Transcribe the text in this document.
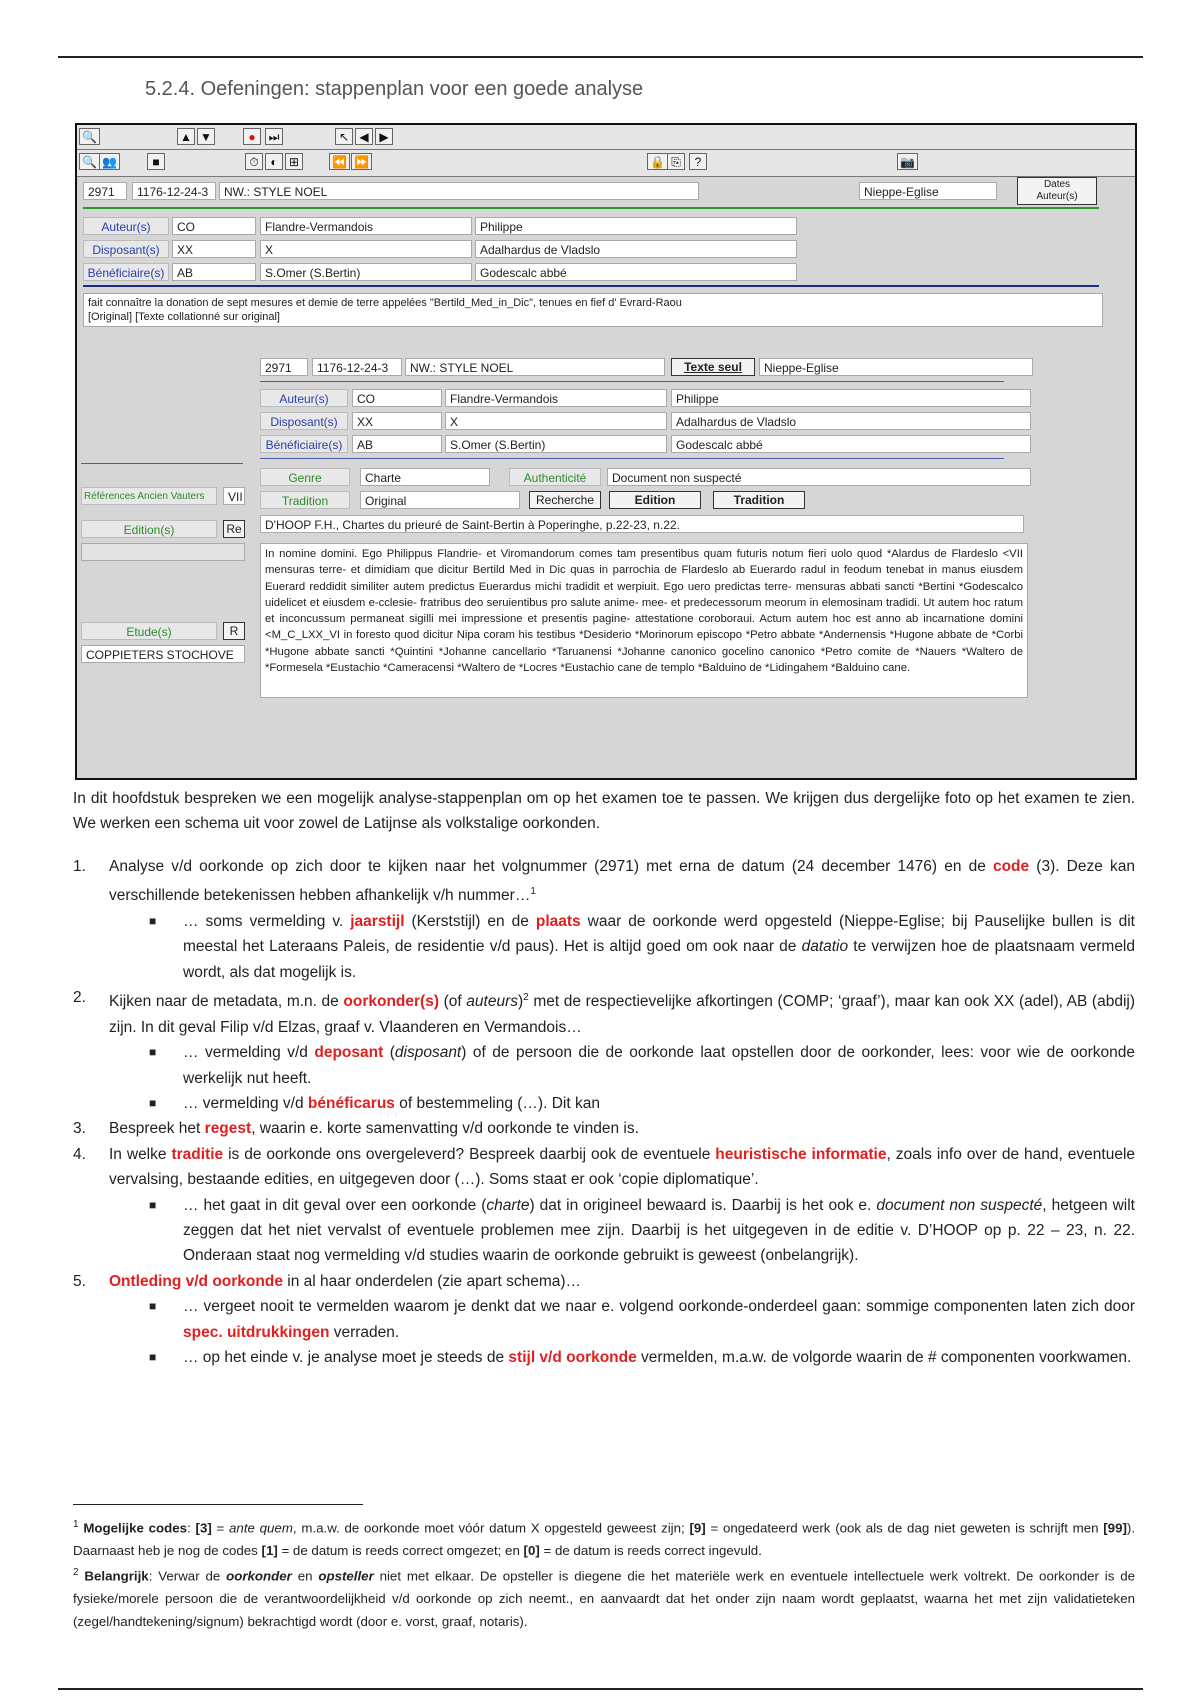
5.2.4. Oefeningen: stappenplan voor een goede analyse
🔍	▲ ▼	●	⏭	↖ ◀ ▶
🔍 👥	■	⏱ ◐ ⊞	⏪ ⏩	🔒 ⎘	?	📷
2971	1176-12-24-3	NW.: STYLE NOEL	Nieppe-Eglise
Dates
Auteur(s)
Auteur(s)	CO	Flandre-Vermandois	Philippe
Disposant(s)	XX	X	Adalhardus de Vladslo
Bénéficiaire(s)	AB	S.Omer (S.Bertin)	Godescalc abbé
fait connaître la donation de sept mesures et demie de terre appelées "Bertild_Med_in_Dic", tenues en fief d' Evrard-Raou
[Original] [Texte collationné sur original]
2971	1176-12-24-3	NW.: STYLE NOEL	Texte seul	Nieppe-Eglise
Auteur(s)	CO	Flandre-Vermandois	Philippe
Disposant(s)	XX	X	Adalhardus de Vladslo
Bénéficiaire(s)	AB	S.Omer (S.Bertin)	Godescalc abbé
Références Ancien Vauters	VII
Edition(s)	Re
Etude(s)	R
COPPIETERS STOCHOVE
Genre	Charte	Authenticité	Document non suspecté
Tradition	Original	Recherche	Edition	Tradition
D'HOOP F.H., Chartes du prieuré de Saint-Bertin à Poperinghe, p.22-23, n.22.
In nomine domini. Ego Philippus Flandrie- et Viromandorum comes tam presentibus quam futuris notum fieri uolo quod *Alardus de Flardeslo <VII mensuras terre- et dimidiam que dicitur Bertild Med in Dic quas in parrochia de Flardeslo ab Euerardo radul in feodum tenebat in manus eiusdem Euerard reddidit similiter autem predictus Euerardus michi tradidit et werpiuit. Ego uero predictas terre- mensuras abbati sancti *Bertini *Godescalco uidelicet et eiusdem e-cclesie- fratribus deo seruientibus pro salute anime- mee- et predecessorum meorum in elemosinam tradidi. Ut autem hoc ratum et inconcussum permaneat sigilli mei impressione et presentis pagine- attestatione coroboraui. Actum autem hoc est anno ab incarnatione domini <M_C_LXX_VI in foresto quod dicitur Nipa coram his testibus *Desiderio *Morinorum episcopo *Petro abbate *Andernensis *Hugone abbate de *Corbi *Hugone abbate sancti *Quintini *Johanne cancellario *Taruanensi *Johanne canonico gocelino canonico *Petro comite de *Nauers *Waltero de *Formesela *Eustachio *Cameracensi *Waltero de *Locres *Eustachio cane de templo *Balduino de *Lidingahem *Balduino cane.
In dit hoofdstuk bespreken we een mogelijk analyse-stappenplan om op het examen toe te passen. We krijgen dus dergelijke foto op het examen te zien. We werken een schema uit voor zowel de Latijnse als volkstalige oorkonden.
1. Analyse v/d oorkonde op zich door te kijken naar het volgnummer (2971) met erna de datum (24 december 1476) en de code (3). Deze kan verschillende betekenissen hebben afhankelijk v/h nummer…$^1$
■ … soms vermelding v. jaarstijl (Kerststijl) en de plaats waar de oorkonde werd opgesteld (Nieppe-Eglise; bij Pauselijke bullen is dit meestal het Lateraans Paleis, de residentie v/d paus). Het is altijd goed om ook naar de datatio te verwijzen hoe de plaatsnaam vermeld wordt, als dat mogelijk is.
2. Kijken naar de metadata, m.n. de oorkonder(s) (of auteurs)$^2$ met de respectievelijke afkortingen (COMP; ‘graaf’), maar kan ook XX (adel), AB (abdij) zijn. In dit geval Filip v/d Elzas, graaf v. Vlaanderen en Vermandois…
■ … vermelding v/d deposant (disposant) of de persoon die de oorkonde laat opstellen door de oorkonder, lees: voor wie de oorkonde werkelijk nut heeft.
■ … vermelding v/d bénéficarus of bestemmeling (…). Dit kan
3. Bespreek het regest, waarin e. korte samenvatting v/d oorkonde te vinden is.
4. In welke traditie is de oorkonde ons overgeleverd? Bespreek daarbij ook de eventuele heuristische informatie, zoals info over de hand, eventuele vervalsing, bestaande edities, en uitgegeven door (…). Soms staat er ook ‘copie diplomatique’.
■ … het gaat in dit geval over een oorkonde (charte) dat in origineel bewaard is. Daarbij is het ook e. document non suspecté, hetgeen wilt zeggen dat het niet vervalst of eventuele problemen mee zijn. Daarbij is het uitgegeven in de editie v. D’HOOP op p. 22 – 23, n. 22. Onderaan staat nog vermelding v/d studies waarin de oorkonde gebruikt is geweest (onbelangrijk).
5. Ontleding v/d oorkonde in al haar onderdelen (zie apart schema)…
■ … vergeet nooit te vermelden waarom je denkt dat we naar e. volgend oorkonde-onderdeel gaan: sommige componenten laten zich door spec. uitdrukkingen verraden.
■ … op het einde v. je analyse moet je steeds de stijl v/d oorkonde vermelden, m.a.w. de volgorde waarin de # componenten voorkwamen.
$^1$ Mogelijke codes: [3] = ante quem, m.a.w. de oorkonde moet vóór datum X opgesteld geweest zijn; [9] = ongedateerd werk (ook als de dag niet geweten is schrijft men [99]). Daarnaast heb je nog de codes [1] = de datum is reeds correct omgezet; en [0] = de datum is reeds correct ingevuld.
$^2$ Belangrijk: Verwar de oorkonder en opsteller niet met elkaar. De opsteller is diegene die het materiële werk en eventuele intellectuele werk voltrekt. De oorkonder is de fysieke/morele persoon die de verantwoordelijkheid v/d oorkonde op zich neemt., en aanvaardt dat het onder zijn naam wordt geplaatst, waarna het met zijn validatieteken (zegel/handtekening/signum) bekrachtigd wordt (door e. vorst, graaf, notaris).
